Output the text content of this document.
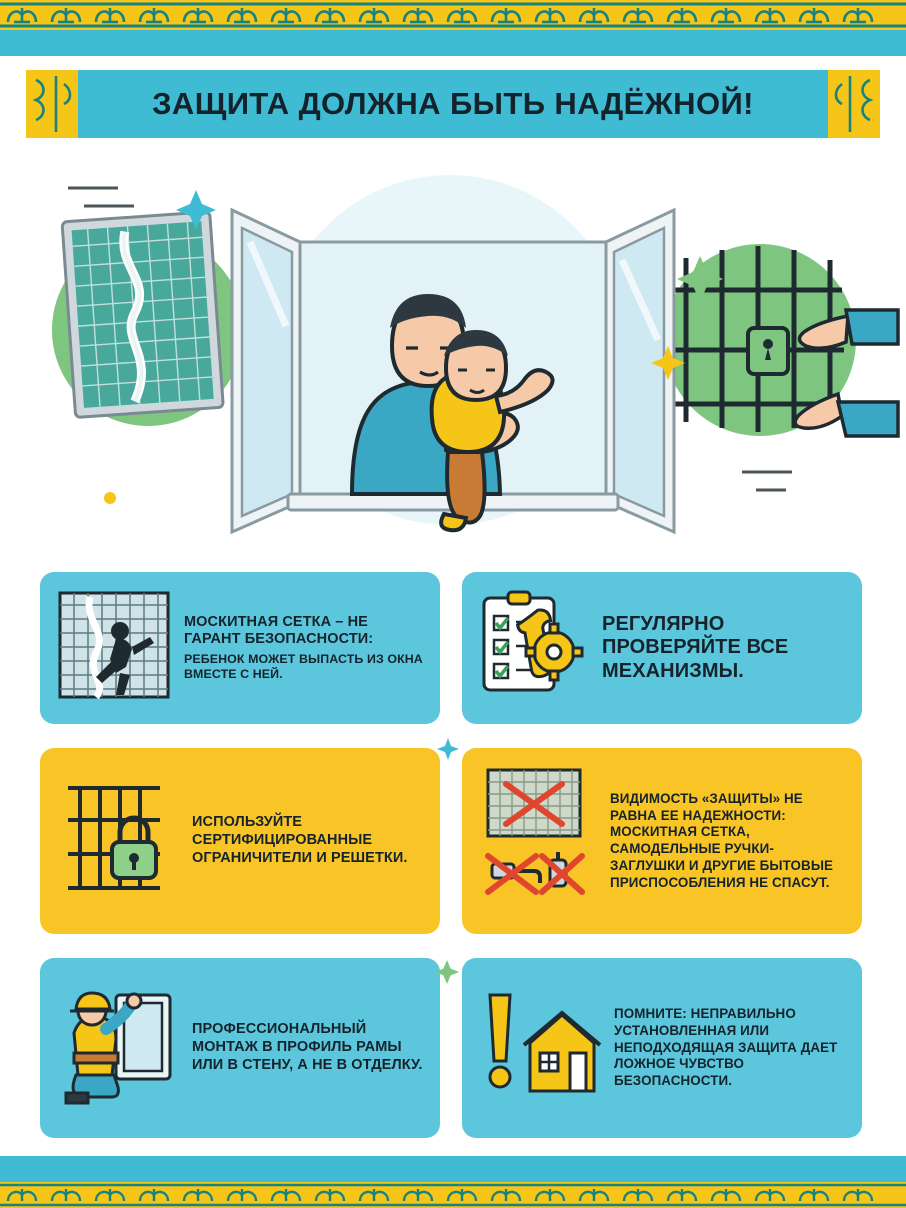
ЗАЩИТА ДОЛЖНА БЫТЬ НАДЁЖНОЙ!
МОСКИТНАЯ СЕТКА – НЕ ГАРАНТ БЕЗОПАСНОСТИ:
РЕБЕНОК МОЖЕТ ВЫПАСТЬ ИЗ ОКНА ВМЕСТЕ С НЕЙ.
РЕГУЛЯРНО ПРОВЕРЯЙТЕ ВСЕ МЕХАНИЗМЫ.
ИСПОЛЬЗУЙТЕ СЕРТИФИЦИРОВАННЫЕ ОГРАНИЧИТЕЛИ И РЕШЕТКИ.
ВИДИМОСТЬ «ЗАЩИТЫ» НЕ РАВНА ЕЕ НАДЕЖНОСТИ: МОСКИТНАЯ СЕТКА, САМОДЕЛЬНЫЕ РУЧКИ-ЗАГЛУШКИ И ДРУГИЕ БЫТОВЫЕ ПРИСПОСОБЛЕНИЯ НЕ СПАСУТ.
ПРОФЕССИОНАЛЬНЫЙ МОНТАЖ В ПРОФИЛЬ РАМЫ ИЛИ В СТЕНУ, А НЕ В ОТДЕЛКУ.
ПОМНИТЕ: НЕПРАВИЛЬНО УСТАНОВЛЕННАЯ ИЛИ НЕПОДХОДЯЩАЯ ЗАЩИТА ДАЕТ ЛОЖНОЕ ЧУВСТВО БЕЗОПАСНОСТИ.
